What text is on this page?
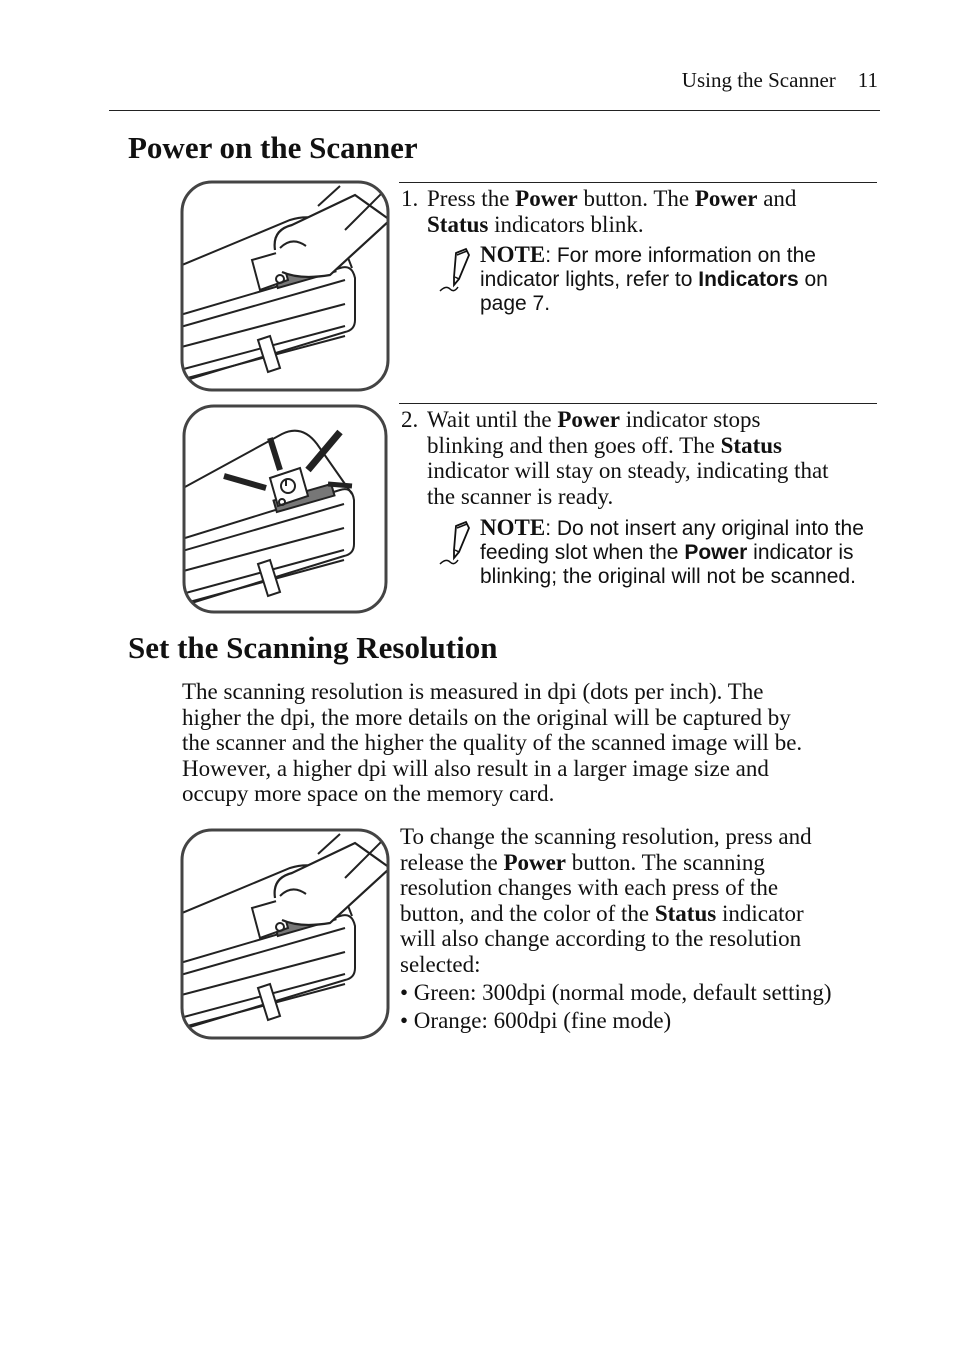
Using the Scanner 11
Power on the Scanner
1. Press the Power button. The Power and
Status indicators blink.
NOTE: For more information on the indicator lights, refer to Indicators on page 7.
2. Wait until the Power indicator stops
blinking and then goes off. The Status
indicator will stay on steady, indicating that
the scanner is ready.
NOTE: Do not insert any original into the feeding slot when the Power indicator is blinking; the original will not be scanned.
Set the Scanning Resolution
The scanning resolution is measured in dpi (dots per inch). The
higher the dpi, the more details on the original will be captured by
the scanner and the higher the quality of the scanned image will be.
However, a higher dpi will also result in a larger image size and
occupy more space on the memory card.
To change the scanning resolution, press and
release the Power button. The scanning
resolution changes with each press of the
button, and the color of the Status indicator
will also change according to the resolution
selected:
• Green: 300dpi (normal mode, default setting)
• Orange: 600dpi (fine mode)
